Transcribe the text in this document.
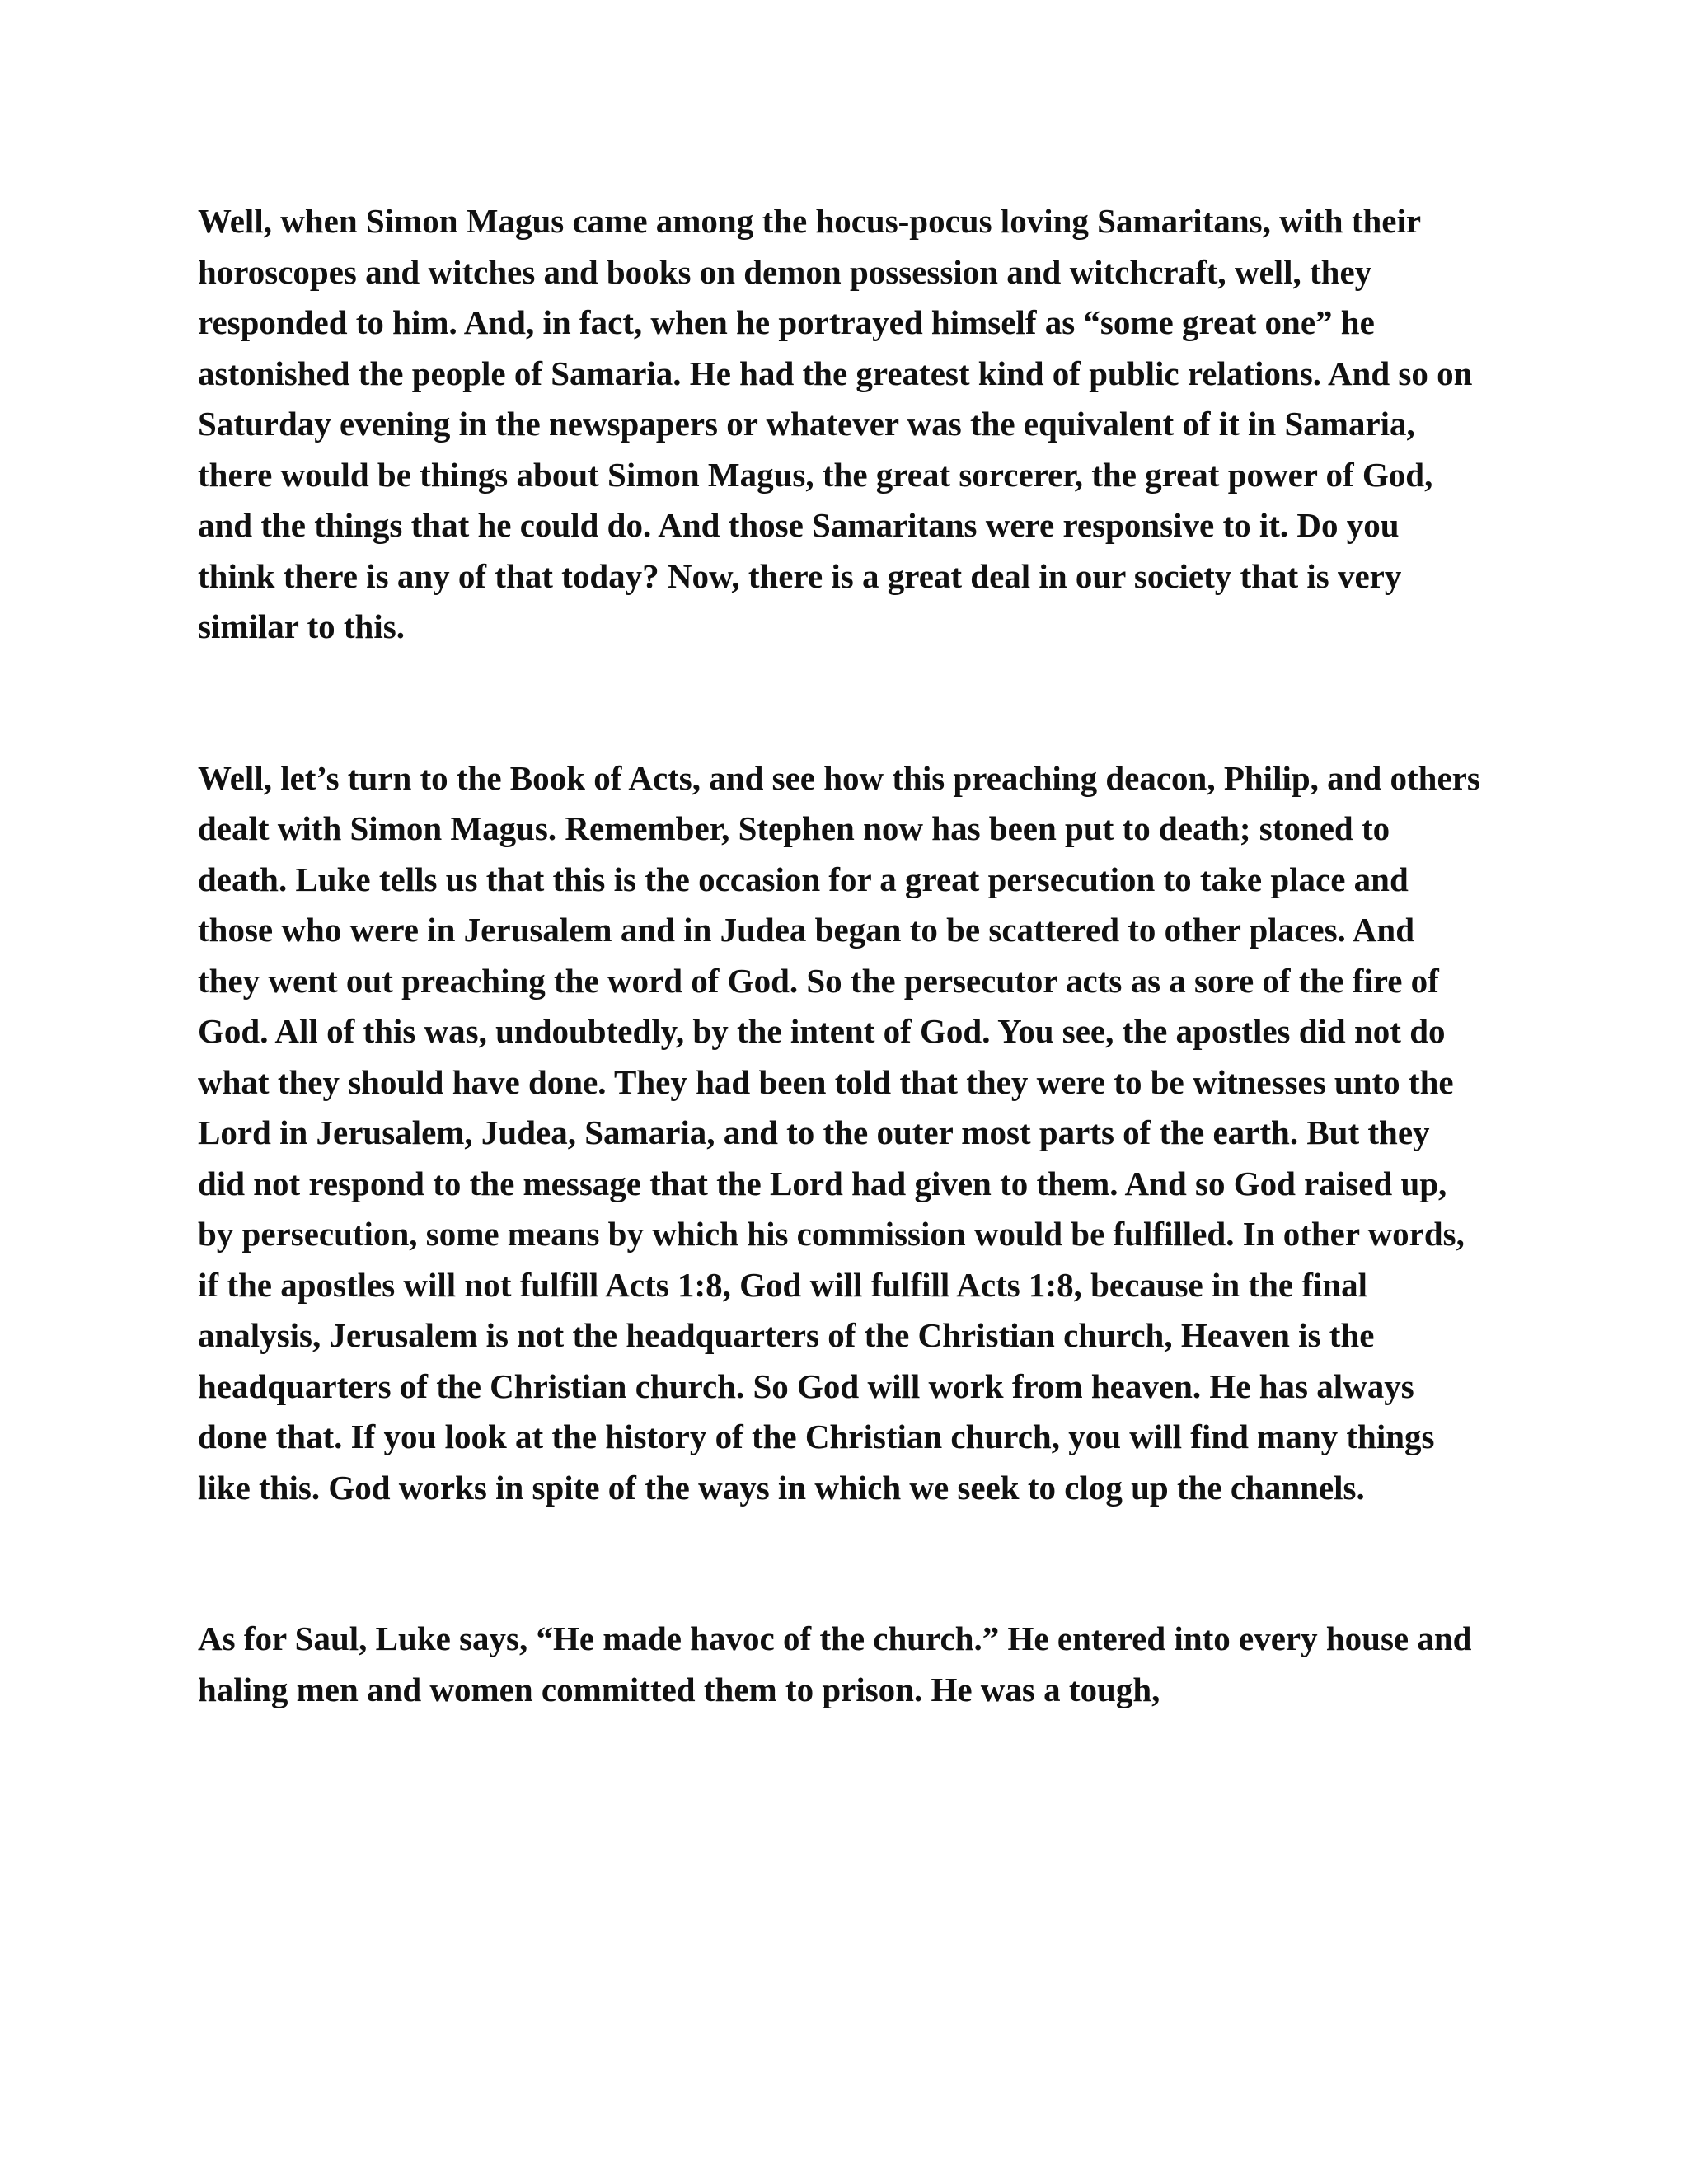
Well, when Simon Magus came among the hocus-pocus loving Samaritans, with their horoscopes and witches and books on demon possession and witchcraft, well, they responded to him. And, in fact, when he portrayed himself as “some great one” he astonished the people of Samaria. He had the greatest kind of public relations. And so on Saturday evening in the newspapers or whatever was the equivalent of it in Samaria, there would be things about Simon Magus, the great sorcerer, the great power of God, and the things that he could do. And those Samaritans were responsive to it. Do you think there is any of that today? Now, there is a great deal in our society that is very similar to this.

Well, let’s turn to the Book of Acts, and see how this preaching deacon, Philip, and others dealt with Simon Magus. Remember, Stephen now has been put to death; stoned to death. Luke tells us that this is the occasion for a great persecution to take place and those who were in Jerusalem and in Judea began to be scattered to other places. And they went out preaching the word of God. So the persecutor acts as a sore of the fire of God. All of this was, undoubtedly, by the intent of God. You see, the apostles did not do what they should have done. They had been told that they were to be witnesses unto the Lord in Jerusalem, Judea, Samaria, and to the outer most parts of the earth. But they did not respond to the message that the Lord had given to them. And so God raised up, by persecution, some means by which his commission would be fulfilled. In other words, if the apostles will not fulfill Acts 1:8, God will fulfill Acts 1:8, because in the final analysis, Jerusalem is not the headquarters of the Christian church, Heaven is the headquarters of the Christian church. So God will work from heaven. He has always done that. If you look at the history of the Christian church, you will find many things like this. God works in spite of the ways in which we seek to clog up the channels.

As for Saul, Luke says, “He made havoc of the church.” He entered into every house and haling men and women committed them to prison. He was a tough,
